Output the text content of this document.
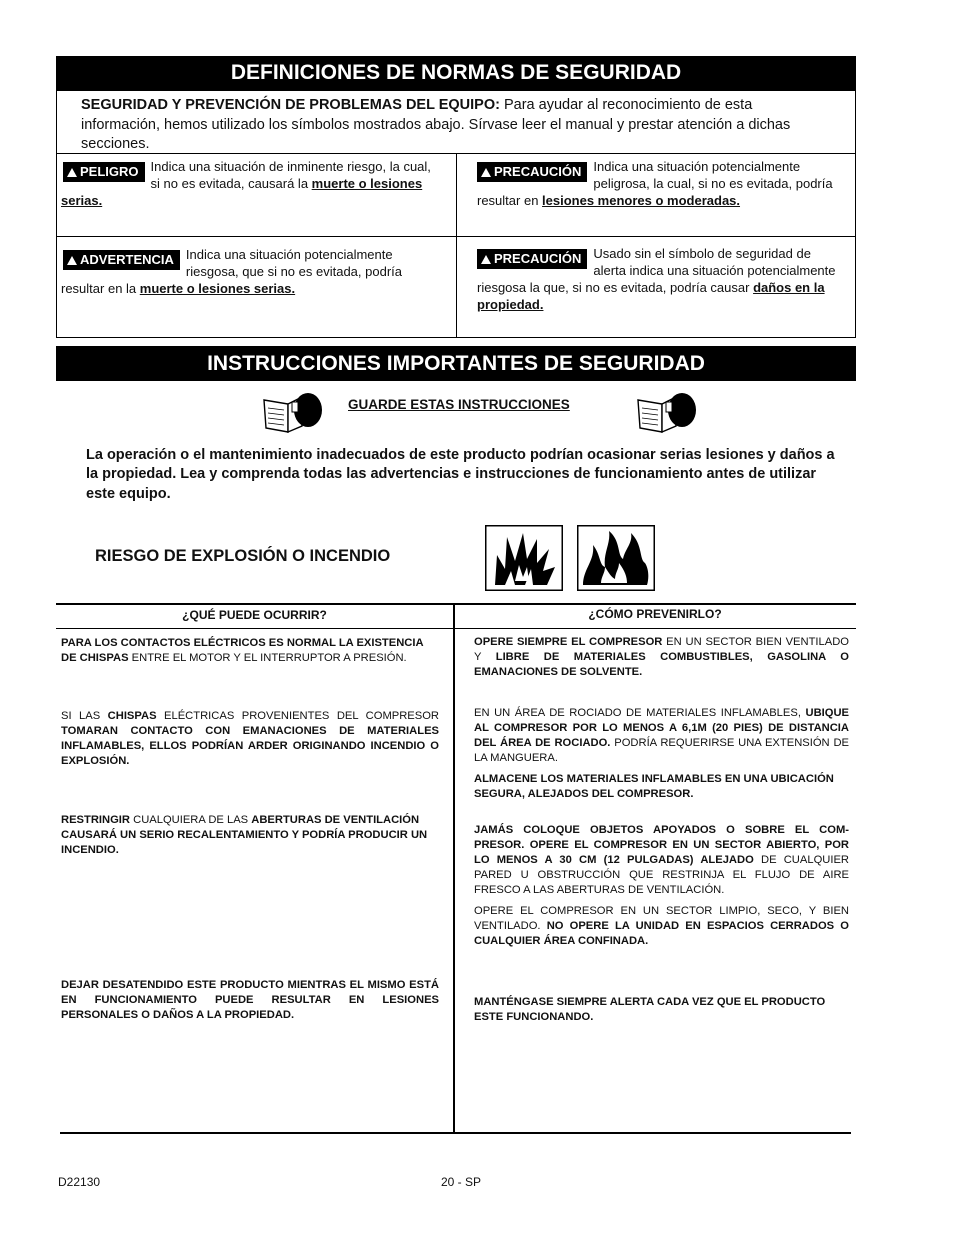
DEFINICIONES DE NORMAS DE SEGURIDAD
SEGURIDAD Y PREVENCIÓN DE PROBLEMAS DEL EQUIPO: Para ayudar al reconocimiento de esta información, hemos utilizado los símbolos mostrados abajo. Sírvase leer el manual y prestar atención a dichas secciones.
PELIGRO Indica una situación de inminente riesgo, la cual, si no es evitada, causará la muerte o lesiones serias.
PRECAUCIÓN Indica una situación potencialmente peligrosa, la cual, si no es evitada, podría resultar en lesiones menores o moderadas.
ADVERTENCIA Indica una situación potencialmente riesgosa, que si no es evitada, podría resultar en la muerte o lesiones serias.
PRECAUCIÓN Usado sin el símbolo de seguridad de alerta indica una situación potencialmente riesgosa la que, si no es evitada, podría causar daños en la propiedad.
INSTRUCCIONES IMPORTANTES DE SEGURIDAD
GUARDE ESTAS INSTRUCCIONES
La operación o el mantenimiento inadecuados de este producto podrían ocasionar serias lesiones y daños a la propiedad. Lea y comprenda todas las advertencias e instrucciones de funcionamiento antes de utilizar este equipo.
RIESGO DE EXPLOSIÓN O INCENDIO
¿QUÉ PUEDE OCURRIR?	¿CÓMO PREVENIRLO?
PARA LOS CONTACTOS ELÉCTRICOS ES NORMAL LA EXISTENCIA DE CHISPAS ENTRE EL MOTOR Y EL INTERRUPTOR A PRESIÓN.
SI LAS CHISPAS ELÉCTRICAS PROVENIENTES DEL COMPRESOR TOMARAN CONTACTO CON EMANACIONES DE MATERIALES INFLAMABLES, ELLOS PODRÍAN ARDER ORIGINANDO INCENDIO O EXPLOSIÓN.
RESTRINGIR CUALQUIERA DE LAS ABERTURAS DE VENTILACIÓN CAUSARÁ UN SERIO RECALENTAMIENTO Y PODRÍA PRODUCIR UN INCENDIO.
DEJAR DESATENDIDO ESTE PRODUCTO MIENTRAS EL MISMO ESTÁ EN FUNCIONAMIENTO PUEDE RESULTAR EN LESIONES PERSONALES O DAÑOS A LA PROPIEDAD.
OPERE SIEMPRE EL COMPRESOR EN UN SECTOR BIEN VENTILADO Y LIBRE DE MATERIALES COMBUSTIBLES, GASOLINA O EMANACIONES DE SOLVENTE.
EN UN ÁREA DE ROCIADO DE MATERIALES INFLAMABLES, UBIQUE AL COMPRESOR POR LO MENOS A 6,1M (20 PIES) DE DISTANCIA DEL ÁREA DE ROCIADO. PODRÍA REQUERIRSE UNA EXTENSIÓN DE LA MANGUERA.
ALMACENE LOS MATERIALES INFLAMABLES EN UNA UBICACIÓN SEGURA, ALEJADOS DEL COMPRESOR.
JAMÁS COLOQUE OBJETOS APOYADOS O SOBRE EL COM-PRESOR. OPERE EL COMPRESOR EN UN SECTOR ABIERTO, POR LO MENOS A 30 CM (12 PULGADAS) ALEJADO DE CUALQUIER PARED U OBSTRUCCIÓN QUE RESTRINJA EL FLUJO DE AIRE FRESCO A LAS ABERTURAS DE VENTILACIÓN.
OPERE EL COMPRESOR EN UN SECTOR LIMPIO, SECO, Y BIEN VENTILADO. NO OPERE LA UNIDAD EN ESPACIOS CERRADOS O CUALQUIER ÁREA CONFINADA.
MANTÉNGASE SIEMPRE ALERTA CADA VEZ QUE EL PRODUCTO ESTE FUNCIONANDO.
D22130	20 - SP
